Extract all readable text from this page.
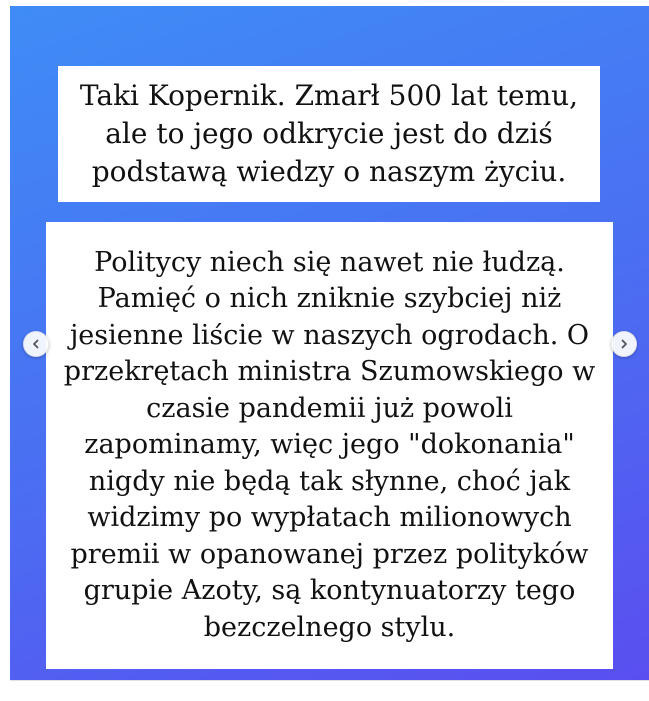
Taki Kopernik. Zmarł 500 lat temu, ale to jego odkrycie jest do dziś podstawą wiedzy o naszym życiu.

Politycy niech się nawet nie łudzą. Pamięć o nich zniknie szybciej niż jesienne liście w naszych ogrodach. O przekrętach ministra Szumowskiego w czasie pandemii już powoli zapominamy, więc jego "dokonania" nigdy nie będą tak słynne, choć jak widzimy po wypłatach milionowych premii w opanowanej przez polityków grupie Azoty, są kontynuatorzy tego bezczelnego stylu.
